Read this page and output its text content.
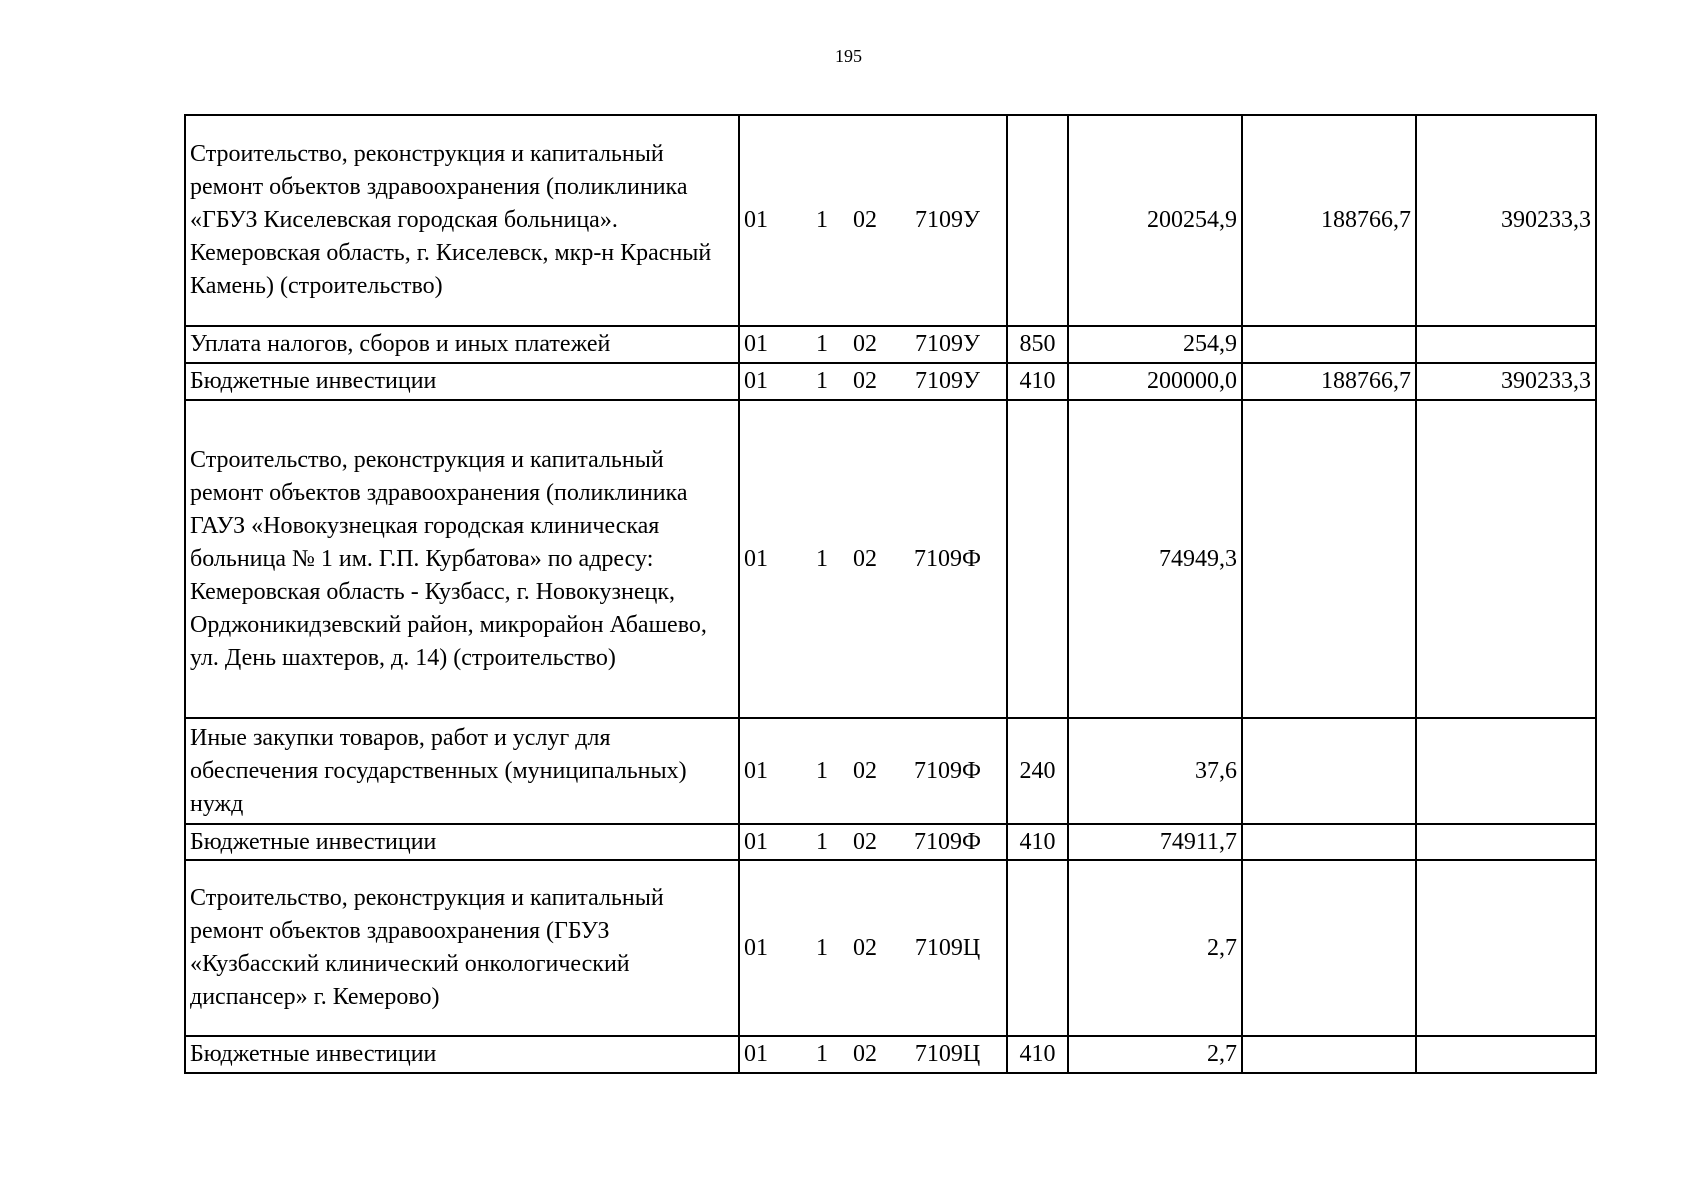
195
Строительство, реконструкция и капитальный ремонт объектов здравоохранения (поликлиника «ГБУЗ Киселевская городская больница». Кемеровская область, г. Киселевск, мкр-н Красный Камень) (строительство)	01	1	02	7109У		200254,9	188766,7	390233,3
Уплата налогов, сборов и иных платежей	01	1	02	7109У	850	254,9		
Бюджетные инвестиции	01	1	02	7109У	410	200000,0	188766,7	390233,3
Строительство, реконструкция и капитальный ремонт объектов здравоохранения (поликлиника ГАУЗ «Новокузнецкая городская клиническая больница № 1 им. Г.П. Курбатова» по адресу: Кемеровская область - Кузбасс, г. Новокузнецк, Орджоникидзевский район, микрорайон Абашево, ул. День шахтеров, д. 14) (строительство)	01	1	02	7109Ф		74949,3		
Иные закупки товаров, работ и услуг для обеспечения государственных (муниципальных) нужд	01	1	02	7109Ф	240	37,6		
Бюджетные инвестиции	01	1	02	7109Ф	410	74911,7		
Строительство, реконструкция и капитальный ремонт объектов здравоохранения (ГБУЗ «Кузбасский клинический онкологический диспансер» г. Кемерово)	01	1	02	7109Ц		2,7		
Бюджетные инвестиции	01	1	02	7109Ц	410	2,7		
